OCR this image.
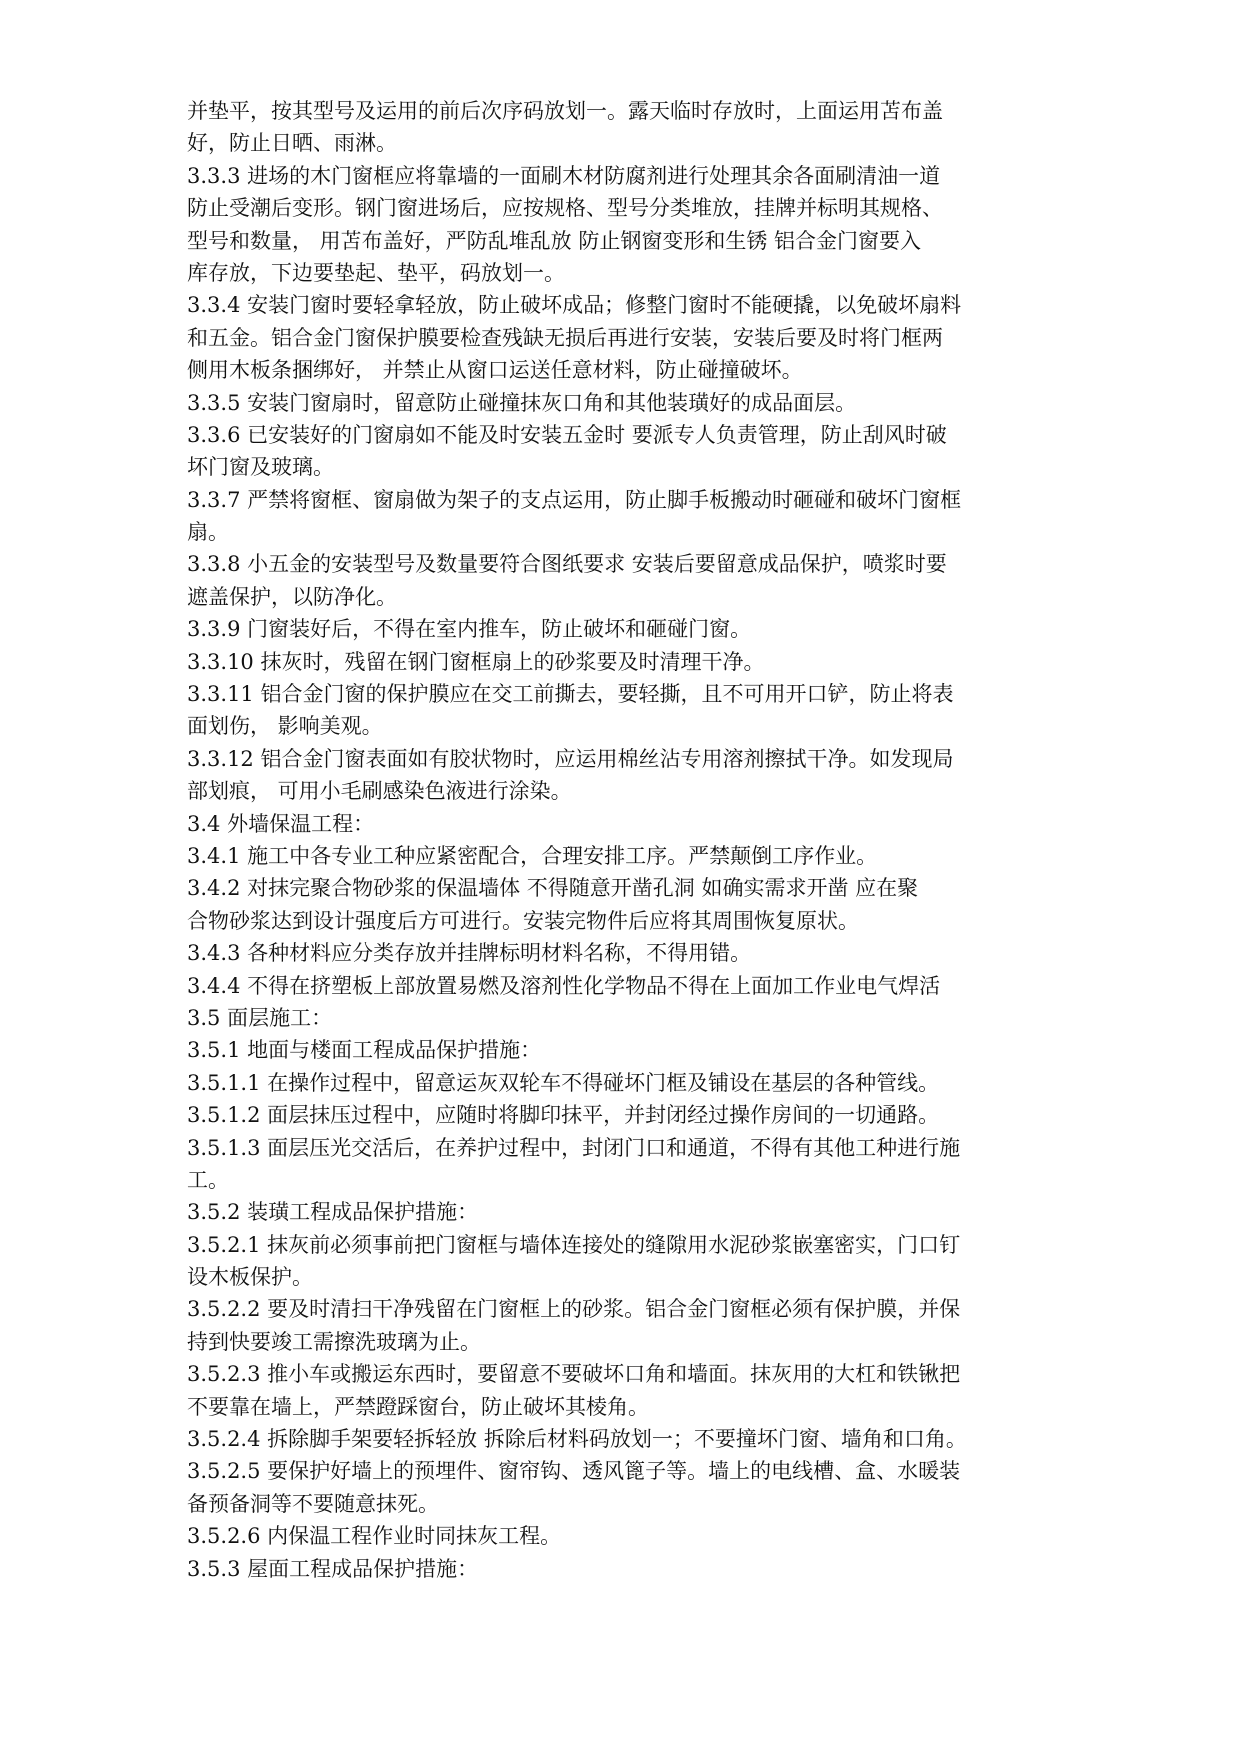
并垫平，按其型号及运用的前后次序码放划一。露天临时存放时，上面运用苫布盖
好，防止日晒、雨淋。
3.3.3 进场的木门窗框应将靠墙的一面刷木材防腐剂进行处理其余各面刷清油一道
防止受潮后变形。钢门窗进场后，应按规格、型号分类堆放，挂牌并标明其规格、
型号和数量， 用苫布盖好，严防乱堆乱放 防止钢窗变形和生锈 铝合金门窗要入
库存放，下边要垫起、垫平，码放划一。
3.3.4 安装门窗时要轻拿轻放，防止破坏成品；修整门窗时不能硬撬，以免破坏扇料
和五金。铝合金门窗保护膜要检查残缺无损后再进行安装，安装后要及时将门框两
侧用木板条捆绑好， 并禁止从窗口运送任意材料，防止碰撞破坏。
3.3.5 安装门窗扇时，留意防止碰撞抹灰口角和其他装璜好的成品面层。
3.3.6 已安装好的门窗扇如不能及时安装五金时 要派专人负责管理，防止刮风时破
坏门窗及玻璃。
3.3.7 严禁将窗框、窗扇做为架子的支点运用，防止脚手板搬动时砸碰和破坏门窗框
扇。
3.3.8 小五金的安装型号及数量要符合图纸要求 安装后要留意成品保护，喷浆时要
遮盖保护，以防净化。
3.3.9 门窗装好后，不得在室内推车，防止破坏和砸碰门窗。
3.3.10 抹灰时，残留在钢门窗框扇上的砂浆要及时清理干净。
3.3.11 铝合金门窗的保护膜应在交工前撕去，要轻撕，且不可用开口铲，防止将表
面划伤， 影响美观。
3.3.12 铝合金门窗表面如有胶状物时，应运用棉丝沾专用溶剂擦拭干净。如发现局
部划痕， 可用小毛刷感染色液进行涂染。
3.4 外墙保温工程：
3.4.1 施工中各专业工种应紧密配合，合理安排工序。严禁颠倒工序作业。
3.4.2 对抹完聚合物砂浆的保温墙体 不得随意开凿孔洞 如确实需求开凿 应在聚
合物砂浆达到设计强度后方可进行。安装完物件后应将其周围恢复原状。
3.4.3 各种材料应分类存放并挂牌标明材料名称，不得用错。
3.4.4 不得在挤塑板上部放置易燃及溶剂性化学物品不得在上面加工作业电气焊活
3.5 面层施工：
3.5.1 地面与楼面工程成品保护措施：
3.5.1.1 在操作过程中，留意运灰双轮车不得碰坏门框及铺设在基层的各种管线。
3.5.1.2 面层抹压过程中，应随时将脚印抹平，并封闭经过操作房间的一切通路。
3.5.1.3 面层压光交活后，在养护过程中，封闭门口和通道，不得有其他工种进行施
工。
3.5.2 装璜工程成品保护措施：
3.5.2.1 抹灰前必须事前把门窗框与墙体连接处的缝隙用水泥砂浆嵌塞密实，门口钉
设木板保护。
3.5.2.2 要及时清扫干净残留在门窗框上的砂浆。铝合金门窗框必须有保护膜，并保
持到快要竣工需擦洗玻璃为止。
3.5.2.3 推小车或搬运东西时，要留意不要破坏口角和墙面。抹灰用的大杠和铁锹把
不要靠在墙上，严禁蹬踩窗台，防止破坏其棱角。
3.5.2.4 拆除脚手架要轻拆轻放 拆除后材料码放划一；不要撞坏门窗、墙角和口角。
3.5.2.5 要保护好墙上的预埋件、窗帘钩、透风篦子等。墙上的电线槽、盒、水暖装
备预备洞等不要随意抹死。
3.5.2.6 内保温工程作业时同抹灰工程。
3.5.3 屋面工程成品保护措施：
